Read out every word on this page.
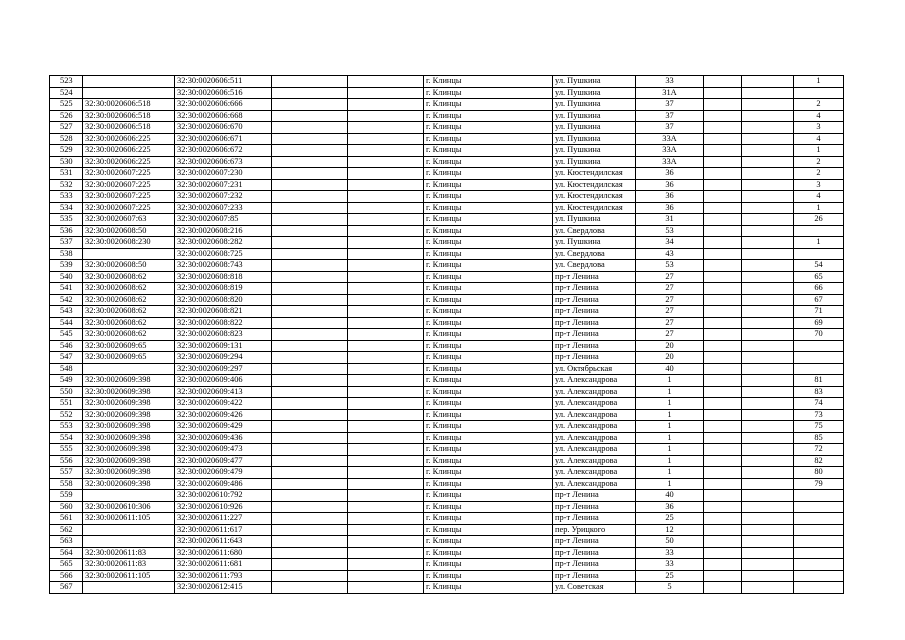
523		32:30:0020606:511			г. Клинцы	ул. Пушкина	33			1
524		32:30:0020606:516			г. Клинцы	ул. Пушкина	31А			
525	32:30:0020606:518	32:30:0020606:666			г. Клинцы	ул. Пушкина	37			2
526	32:30:0020606:518	32:30:0020606:668			г. Клинцы	ул. Пушкина	37			4
527	32:30:0020606:518	32:30:0020606:670			г. Клинцы	ул. Пушкина	37			3
528	32:30:0020606:225	32:30:0020606:671			г. Клинцы	ул. Пушкина	33А			4
529	32:30:0020606:225	32:30:0020606:672			г. Клинцы	ул. Пушкина	33А			1
530	32:30:0020606:225	32:30:0020606:673			г. Клинцы	ул. Пушкина	33А			2
531	32:30:0020607:225	32:30:0020607:230			г. Клинцы	ул. Кюстендилская	36			2
532	32:30:0020607:225	32:30:0020607:231			г. Клинцы	ул. Кюстендилская	36			3
533	32:30:0020607:225	32:30:0020607:232			г. Клинцы	ул. Кюстендилская	36			4
534	32:30:0020607:225	32:30:0020607:233			г. Клинцы	ул. Кюстендилская	36			1
535	32:30:0020607:63	32:30:0020607:85			г. Клинцы	ул. Пушкина	31			26
536	32:30:0020608:50	32:30:0020608:216			г. Клинцы	ул. Свердлова	53			
537	32:30:0020608:230	32:30:0020608:282			г. Клинцы	ул. Пушкина	34			1
538		32:30:0020608:725			г. Клинцы	ул. Свердлова	43			
539	32:30:0020608:50	32:30:0020608:743			г. Клинцы	ул. Свердлова	53			54
540	32:30:0020608:62	32:30:0020608:818			г. Клинцы	пр-т Ленина	27			65
541	32:30:0020608:62	32:30:0020608:819			г. Клинцы	пр-т Ленина	27			66
542	32:30:0020608:62	32:30:0020608:820			г. Клинцы	пр-т Ленина	27			67
543	32:30:0020608:62	32:30:0020608:821			г. Клинцы	пр-т Ленина	27			71
544	32:30:0020608:62	32:30:0020608:822			г. Клинцы	пр-т Ленина	27			69
545	32:30:0020608:62	32:30:0020608:823			г. Клинцы	пр-т Ленина	27			70
546	32:30:0020609:65	32:30:0020609:131			г. Клинцы	пр-т Ленина	20			
547	32:30:0020609:65	32:30:0020609:294			г. Клинцы	пр-т Ленина	20			
548		32:30:0020609:297			г. Клинцы	ул. Октябрьская	40			
549	32:30:0020609:398	32:30:0020609:406			г. Клинцы	ул. Александрова	1			81
550	32:30:0020609:398	32:30:0020609:413			г. Клинцы	ул. Александрова	1			83
551	32:30:0020609:398	32:30:0020609:422			г. Клинцы	ул. Александрова	1			74
552	32:30:0020609:398	32:30:0020609:426			г. Клинцы	ул. Александрова	1			73
553	32:30:0020609:398	32:30:0020609:429			г. Клинцы	ул. Александрова	1			75
554	32:30:0020609:398	32:30:0020609:436			г. Клинцы	ул. Александрова	1			85
555	32:30:0020609:398	32:30:0020609:473			г. Клинцы	ул. Александрова	1			72
556	32:30:0020609:398	32:30:0020609:477			г. Клинцы	ул. Александрова	1			82
557	32:30:0020609:398	32:30:0020609:479			г. Клинцы	ул. Александрова	1			80
558	32:30:0020609:398	32:30:0020609:486			г. Клинцы	ул. Александрова	1			79
559		32:30:0020610:792			г. Клинцы	пр-т Ленина	40			
560	32:30:0020610:306	32:30:0020610:926			г. Клинцы	пр-т Ленина	36			
561	32:30:0020611:105	32:30:0020611:227			г. Клинцы	пр-т Ленина	25			
562		32:30:0020611:617			г. Клинцы	пер. Урицкого	12			
563		32:30:0020611:643			г. Клинцы	пр-т Ленина	50			
564	32:30:0020611:83	32:30:0020611:680			г. Клинцы	пр-т Ленина	33			
565	32:30:0020611:83	32:30:0020611:681			г. Клинцы	пр-т Ленина	33			
566	32:30:0020611:105	32:30:0020611:793			г. Клинцы	пр-т Ленина	25			
567		32:30:0020612:415			г. Клинцы	ул. Советская	5			
